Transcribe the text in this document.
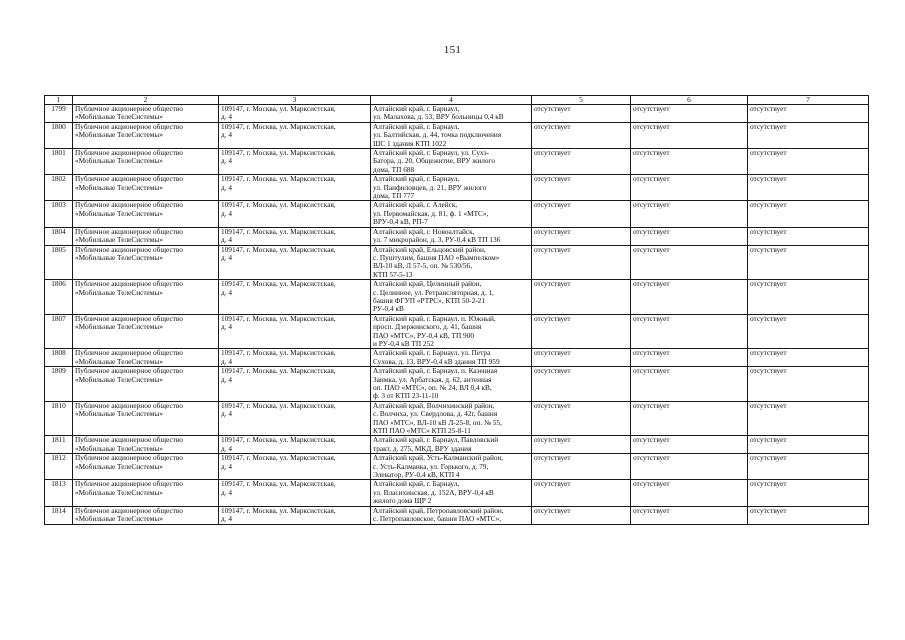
151
1	2	3	4	5	6	7
1799	Публичное акционерное общество
«Мобильные ТелеСистемы»	109147, г. Москва, ул. Марксистская,
д. 4	Алтайский край, г. Барнаул,
ул. Малахова, д. 53, ВРУ больницы 0,4 кВ	отсутствует	отсутствует	отсутствует
1800	Публичное акционерное общество
«Мобильные ТелеСистемы»	109147, г. Москва, ул. Марксистская,
д. 4	Алтайский край, г. Барнаул,
ул. Балтийская, д. 44, точка подключения
ШС 1 здания КТП 1022	отсутствует	отсутствует	отсутствует
1801	Публичное акционерное общество
«Мобильные ТелеСистемы»	109147, г. Москва, ул. Марксистская,
д. 4	Алтайский край, г. Барнаул, ул. Сухэ-
Батора, д. 20, Общежитие, ВРУ жилого
дома, ТП 688	отсутствует	отсутствует	отсутствует
1802	Публичное акционерное общество
«Мобильные ТелеСистемы»	109147, г. Москва, ул. Марксистская,
д. 4	Алтайский край, г. Барнаул,
ул. Панфиловцев, д. 21, ВРУ жилого
дома, ТП 777	отсутствует	отсутствует	отсутствует
1803	Публичное акционерное общество
«Мобильные ТелеСистемы»	109147, г. Москва, ул. Марксистская,
д. 4	Алтайский край, г. Алейск,
ул. Первомайская, д. 81, ф. 1 «МТС»,
ВРУ-0,4 кВ, РП-7	отсутствует	отсутствует	отсутствует
1804	Публичное акционерное общество
«Мобильные ТелеСистемы»	109147, г. Москва, ул. Марксистская,
д. 4	Алтайский край, г. Новоалтайск,
ул. 7 микрорайон, д. 3, РУ-0,4 кВ ТП 136	отсутствует	отсутствует	отсутствует
1805	Публичное акционерное общество
«Мобильные ТелеСистемы»	109147, г. Москва, ул. Марксистская,
д. 4	Алтайский край, Ельцовский район,
с. Пуштулим, башня ПАО «Вымпелком»
ВЛ-10 кВ, Л 57-5, оп. № 530/56,
КТП 57-5-13	отсутствует	отсутствует	отсутствует
1806	Публичное акционерное общество
«Мобильные ТелеСистемы»	109147, г. Москва, ул. Марксистская,
д. 4	Алтайский край, Целинный район,
с. Целинное, ул. Ретрансляторная, д. 1,
башня ФГУП «РТРС», КТП 50-2-21
РУ-0,4 кВ	отсутствует	отсутствует	отсутствует
1807	Публичное акционерное общество
«Мобильные ТелеСистемы»	109147, г. Москва, ул. Марксистская,
д. 4	Алтайский край, г. Барнаул, п. Южный,
просп. Дзержинского, д. 41, башня
ПАО «МТС», РУ-0,4 кВ, ТП 900
и РУ-0,4 кВ ТП 252	отсутствует	отсутствует	отсутствует
1808	Публичное акционерное общество
«Мобильные ТелеСистемы»	109147, г. Москва, ул. Марксистская,
д. 4	Алтайский край, г. Барнаул, ул. Петра
Сухова, д. 13, ВРУ-0,4 кВ здания ТП 959	отсутствует	отсутствует	отсутствует
1809	Публичное акционерное общество
«Мобильные ТелеСистемы»	109147, г. Москва, ул. Марксистская,
д. 4	Алтайский край, г. Барнаул, п. Казенная
Заимка, ул. Арбатская, д. 62, антенная
оп. ПАО «МТС», оп. № 24, ВЛ 0,4 кВ,
ф. 3 от КТП 23-11-10	отсутствует	отсутствует	отсутствует
1810	Публичное акционерное общество
«Мобильные ТелеСистемы»	109147, г. Москва, ул. Марксистская,
д. 4	Алтайский край, Волчихинский район,
с. Волчиха, ул. Свердлова, д. 42г, башня
ПАО «МТС», ВЛ-10 кВ Л-25-8, оп. № 55,
КТП ПАО «МТС» КТП 25-8-11	отсутствует	отсутствует	отсутствует
1811	Публичное акционерное общество
«Мобильные ТелеСистемы»	109147, г. Москва, ул. Марксистская,
д. 4	Алтайский край, г. Барнаул, Павловский
тракт, д. 275, МКД, ВРУ здания	отсутствует	отсутствует	отсутствует
1812	Публичное акционерное общество
«Мобильные ТелеСистемы»	109147, г. Москва, ул. Марксистская,
д. 4	Алтайский край, Усть-Калманский район,
с. Усть-Калманка, ул. Горького, д. 79,
Элеватор, РУ-0,4 кВ, КТП 4	отсутствует	отсутствует	отсутствует
1813	Публичное акционерное общество
«Мобильные ТелеСистемы»	109147, г. Москва, ул. Марксистская,
д. 4	Алтайский край, г. Барнаул,
ул. Власихинская, д. 152А, ВРУ-0,4 кВ
жилого дома ЩР 2	отсутствует	отсутствует	отсутствует
1814	Публичное акционерное общество
«Мобильные ТелеСистемы»	109147, г. Москва, ул. Марксистская,
д. 4	Алтайский край, Петропавловский район,
с. Петропавловское, башня ПАО «МТС»,	отсутствует	отсутствует	отсутствует
